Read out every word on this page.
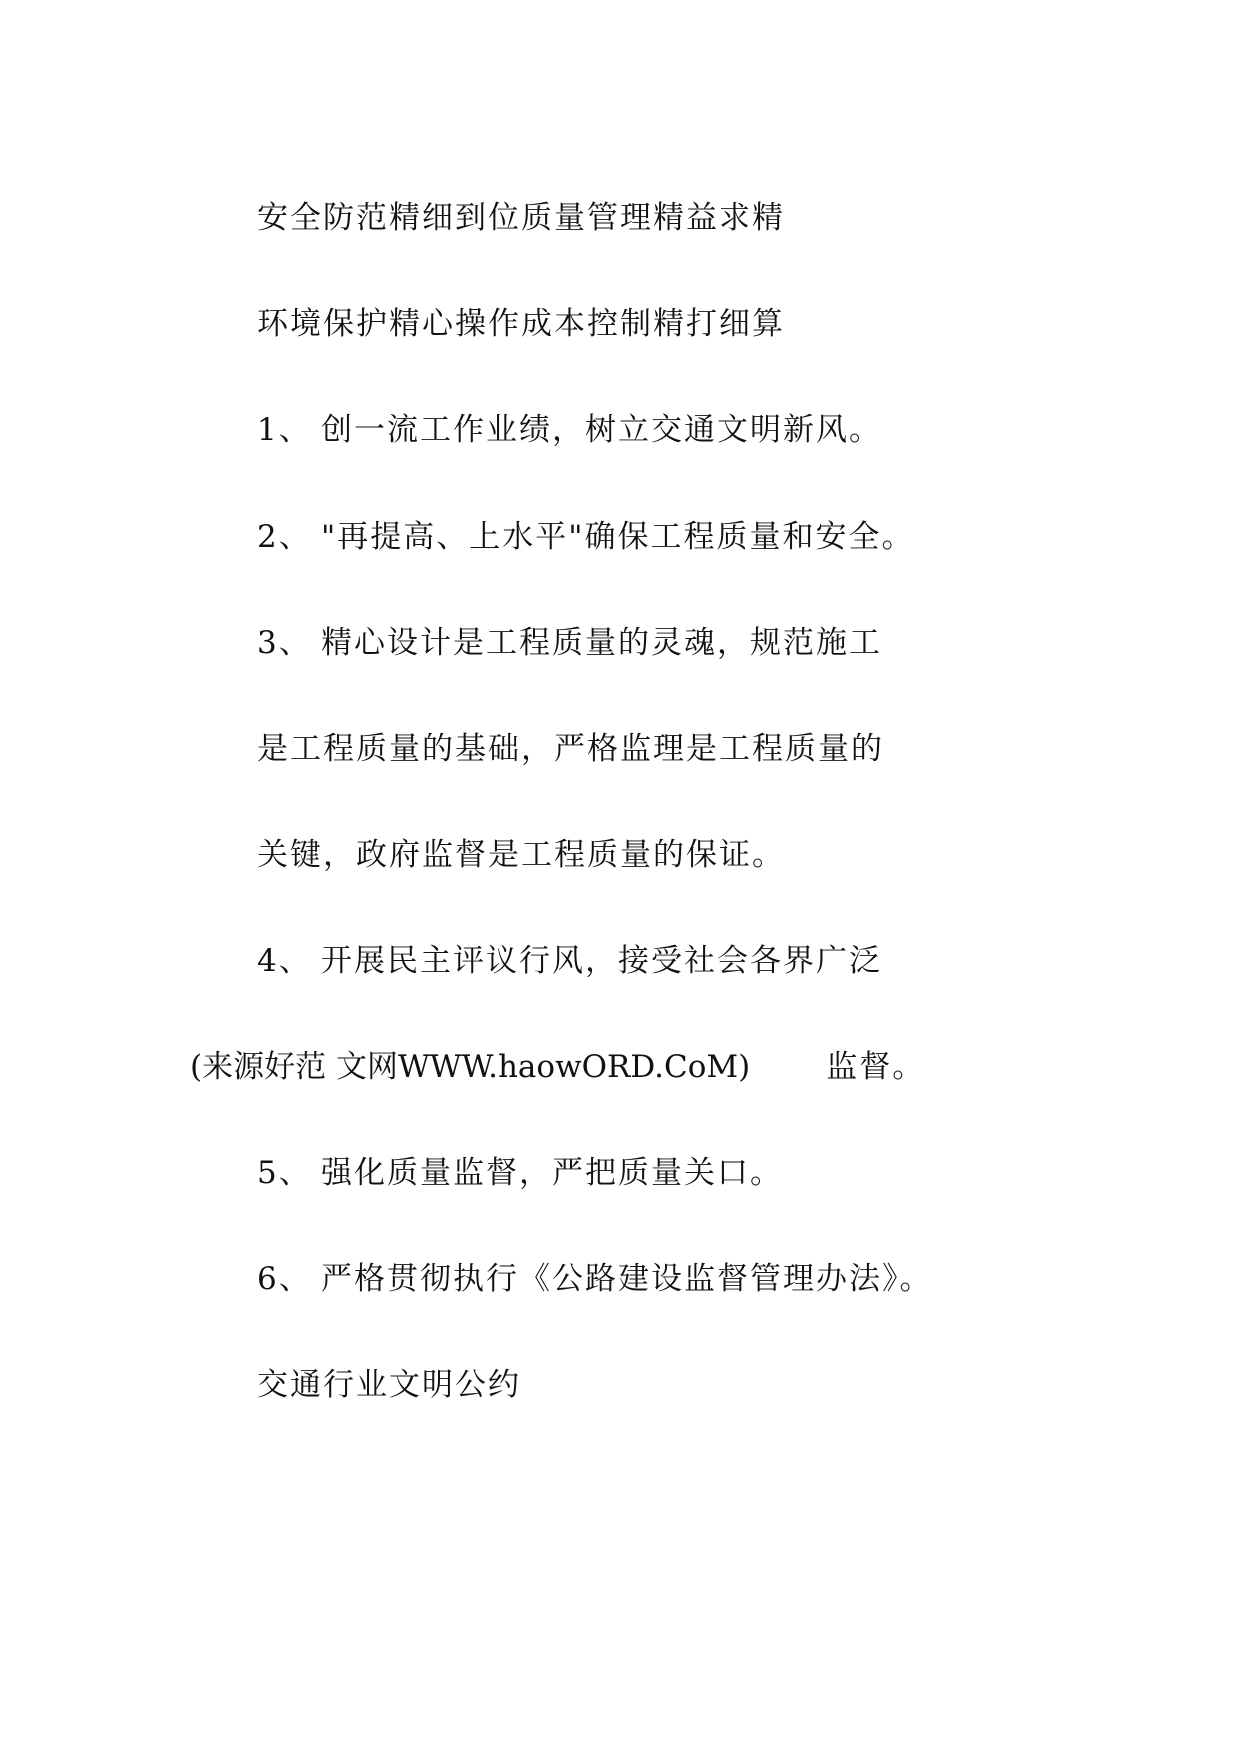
安全防范精细到位质量管理精益求精

环境保护精心操作成本控制精打细算

1、 创一流工作业绩，树立交通文明新风。

2、 "再提高、上水平"确保工程质量和安全。

3、 精心设计是工程质量的灵魂，规范施工

是工程质量的基础，严格监理是工程质量的

关键，政府监督是工程质量的保证。

4、 开展民主评议行风，接受社会各界广泛

(来源好范 文网WWW.haowORD.CoM) 监督。

5、 强化质量监督，严把质量关口。

6、 严格贯彻执行《公路建设监督管理办法》。

交通行业文明公约
